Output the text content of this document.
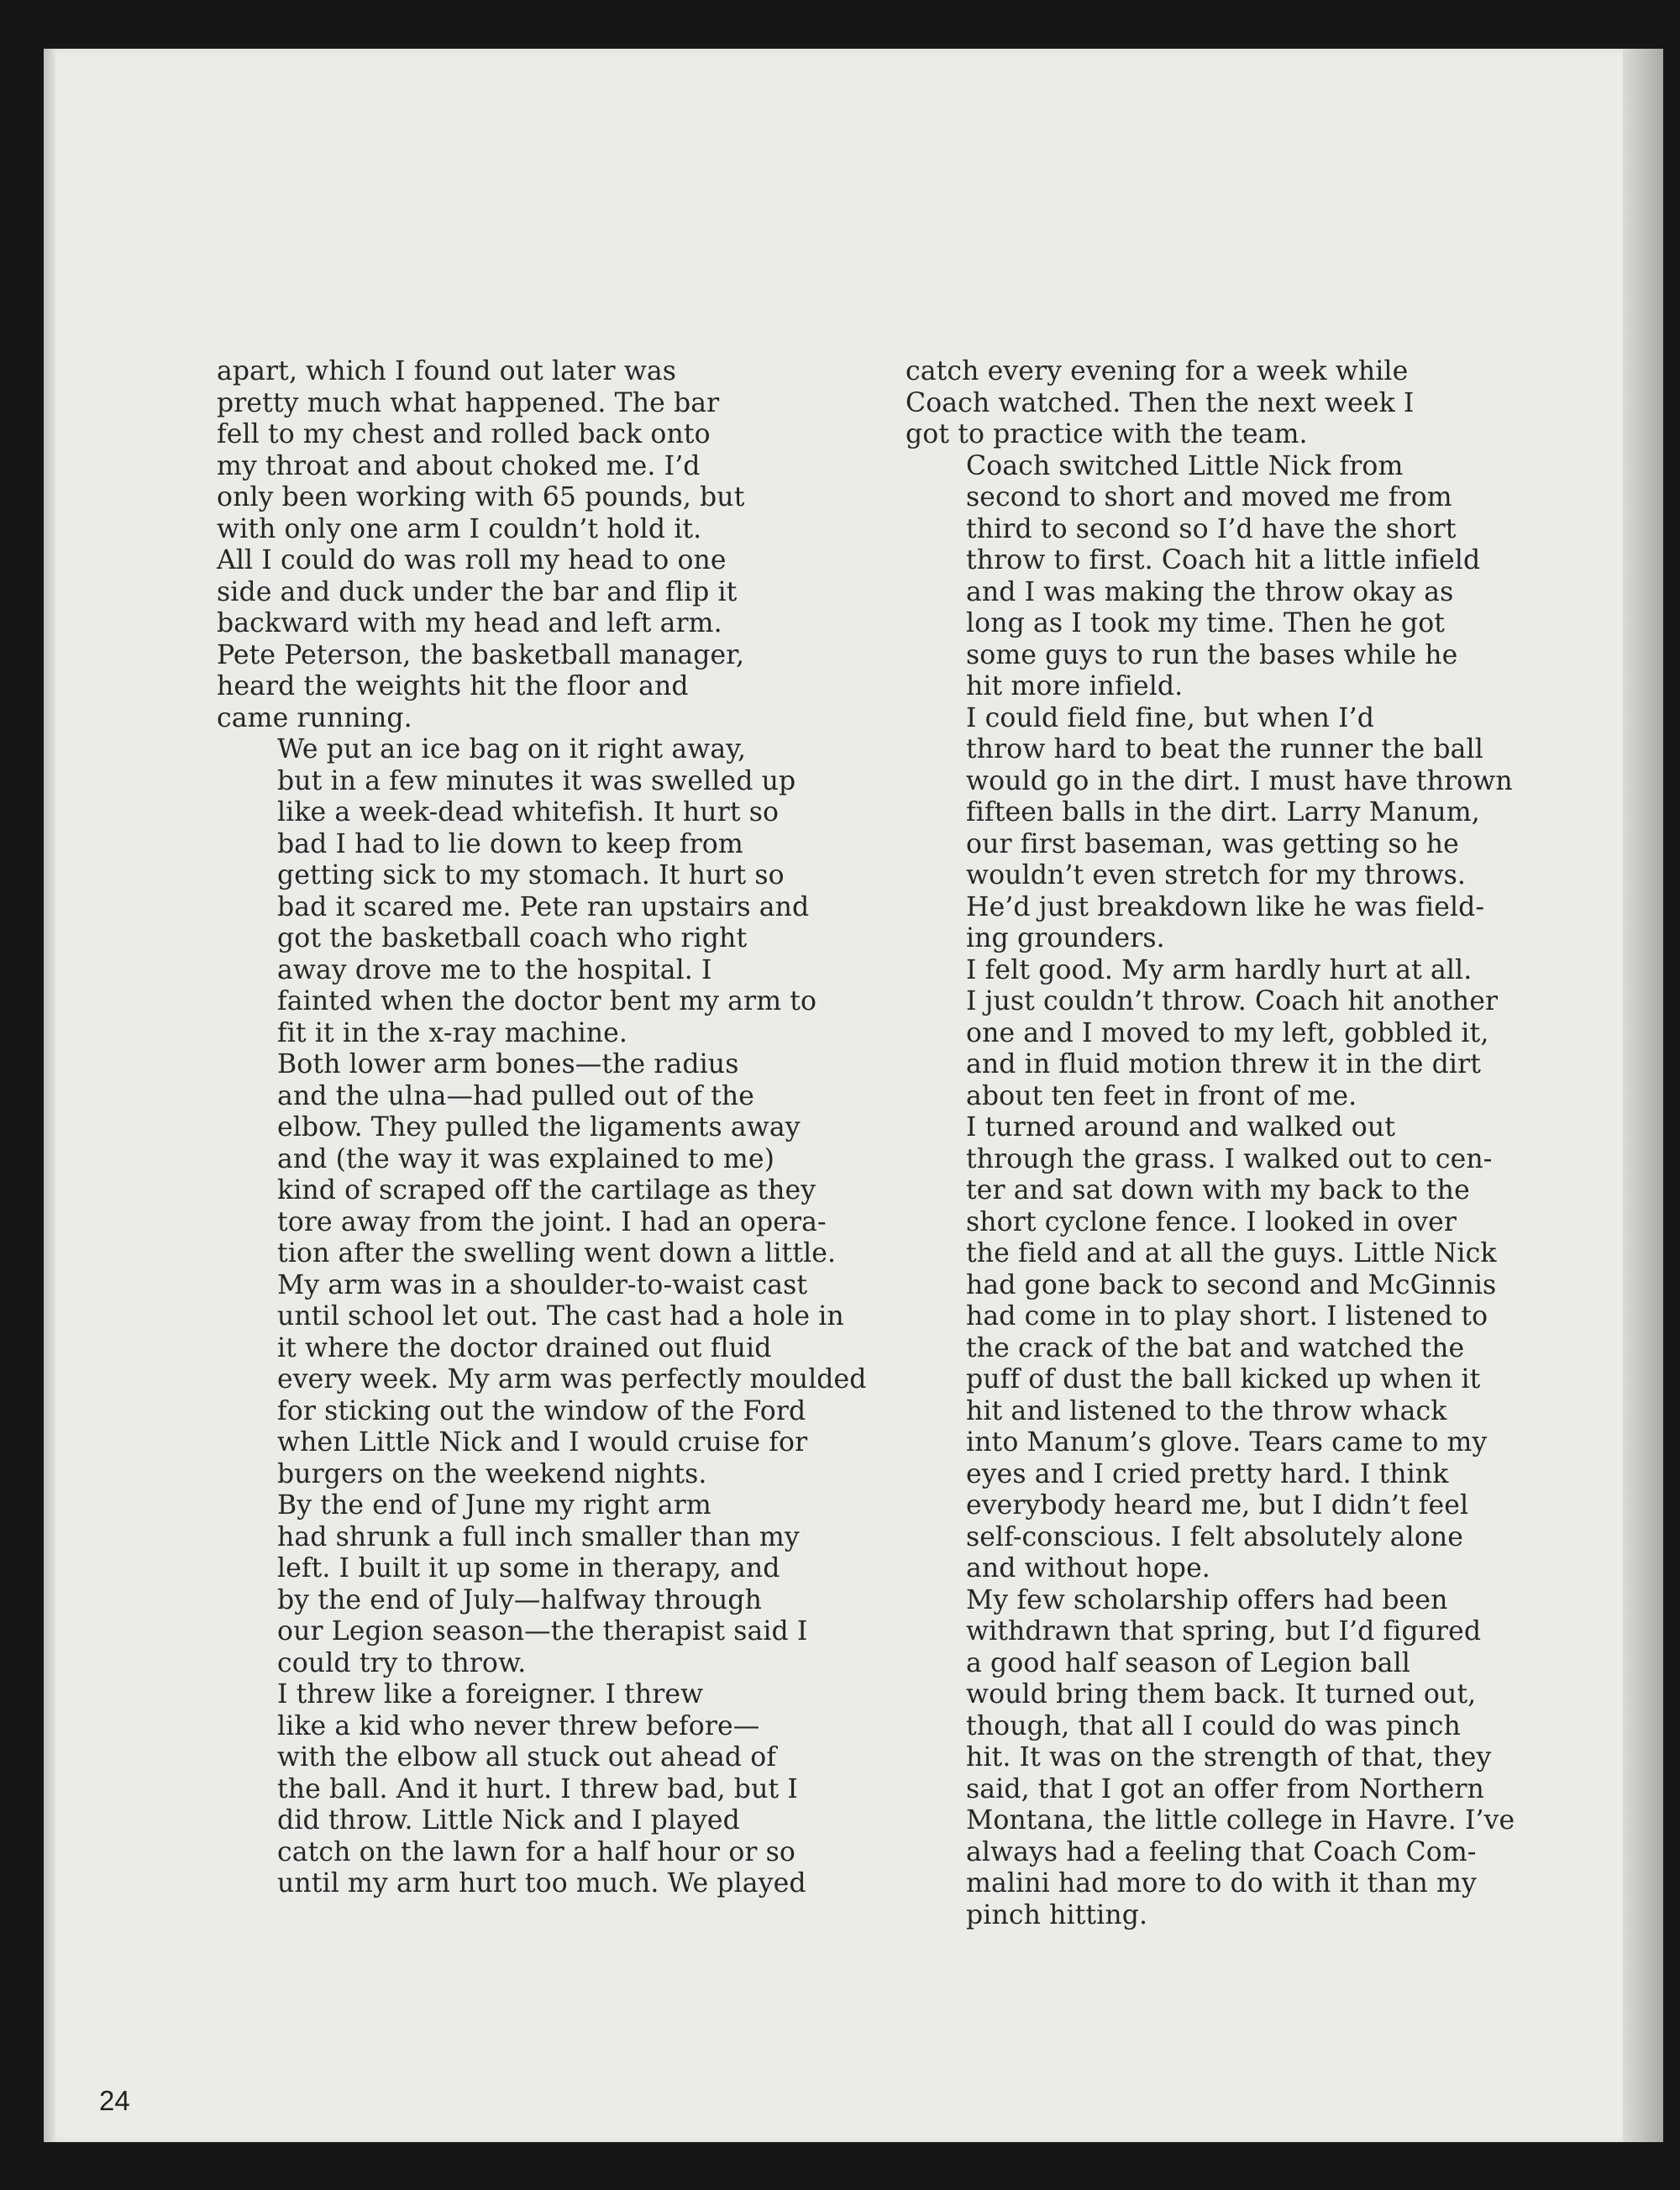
apart, which I found out later was
pretty much what happened. The bar
fell to my chest and rolled back onto
my throat and about choked me. I’d
only been working with 65 pounds, but
with only one arm I couldn’t hold it.
All I could do was roll my head to one
side and duck under the bar and flip it
backward with my head and left arm.
Pete Peterson, the basketball manager,
heard the weights hit the floor and
came running.

We put an ice bag on it right away,
but in a few minutes it was swelled up
like a week-dead whitefish. It hurt so
bad I had to lie down to keep from
getting sick to my stomach. It hurt so
bad it scared me. Pete ran upstairs and
got the basketball coach who right
away drove me to the hospital. I
fainted when the doctor bent my arm to
fit it in the x-ray machine.

Both lower arm bones—the radius
and the ulna—had pulled out of the
elbow. They pulled the ligaments away
and (the way it was explained to me)
kind of scraped off the cartilage as they
tore away from the joint. I had an opera-
tion after the swelling went down a little.
My arm was in a shoulder-to-waist cast
until school let out. The cast had a hole in
it where the doctor drained out fluid
every week. My arm was perfectly moulded
for sticking out the window of the Ford
when Little Nick and I would cruise for
burgers on the weekend nights.

By the end of June my right arm
had shrunk a full inch smaller than my
left. I built it up some in therapy, and
by the end of July—halfway through
our Legion season—the therapist said I
could try to throw.

I threw like a foreigner. I threw
like a kid who never threw before—
with the elbow all stuck out ahead of
the ball. And it hurt. I threw bad, but I
did throw. Little Nick and I played
catch on the lawn for a half hour or so
until my arm hurt too much. We played

catch every evening for a week while
Coach watched. Then the next week I
got to practice with the team.

Coach switched Little Nick from
second to short and moved me from
third to second so I’d have the short
throw to first. Coach hit a little infield
and I was making the throw okay as
long as I took my time. Then he got
some guys to run the bases while he
hit more infield.

I could field fine, but when I’d
throw hard to beat the runner the ball
would go in the dirt. I must have thrown
fifteen balls in the dirt. Larry Manum,
our first baseman, was getting so he
wouldn’t even stretch for my throws.
He’d just breakdown like he was field-
ing grounders.

I felt good. My arm hardly hurt at all.
I just couldn’t throw. Coach hit another
one and I moved to my left, gobbled it,
and in fluid motion threw it in the dirt
about ten feet in front of me.

I turned around and walked out
through the grass. I walked out to cen-
ter and sat down with my back to the
short cyclone fence. I looked in over
the field and at all the guys. Little Nick
had gone back to second and McGinnis
had come in to play short. I listened to
the crack of the bat and watched the
puff of dust the ball kicked up when it
hit and listened to the throw whack
into Manum’s glove. Tears came to my
eyes and I cried pretty hard. I think
everybody heard me, but I didn’t feel
self-conscious. I felt absolutely alone
and without hope.

My few scholarship offers had been
withdrawn that spring, but I’d figured
a good half season of Legion ball
would bring them back. It turned out,
though, that all I could do was pinch
hit. It was on the strength of that, they
said, that I got an offer from Northern
Montana, the little college in Havre. I’ve
always had a feeling that Coach Com-
malini had more to do with it than my
pinch hitting.

24
